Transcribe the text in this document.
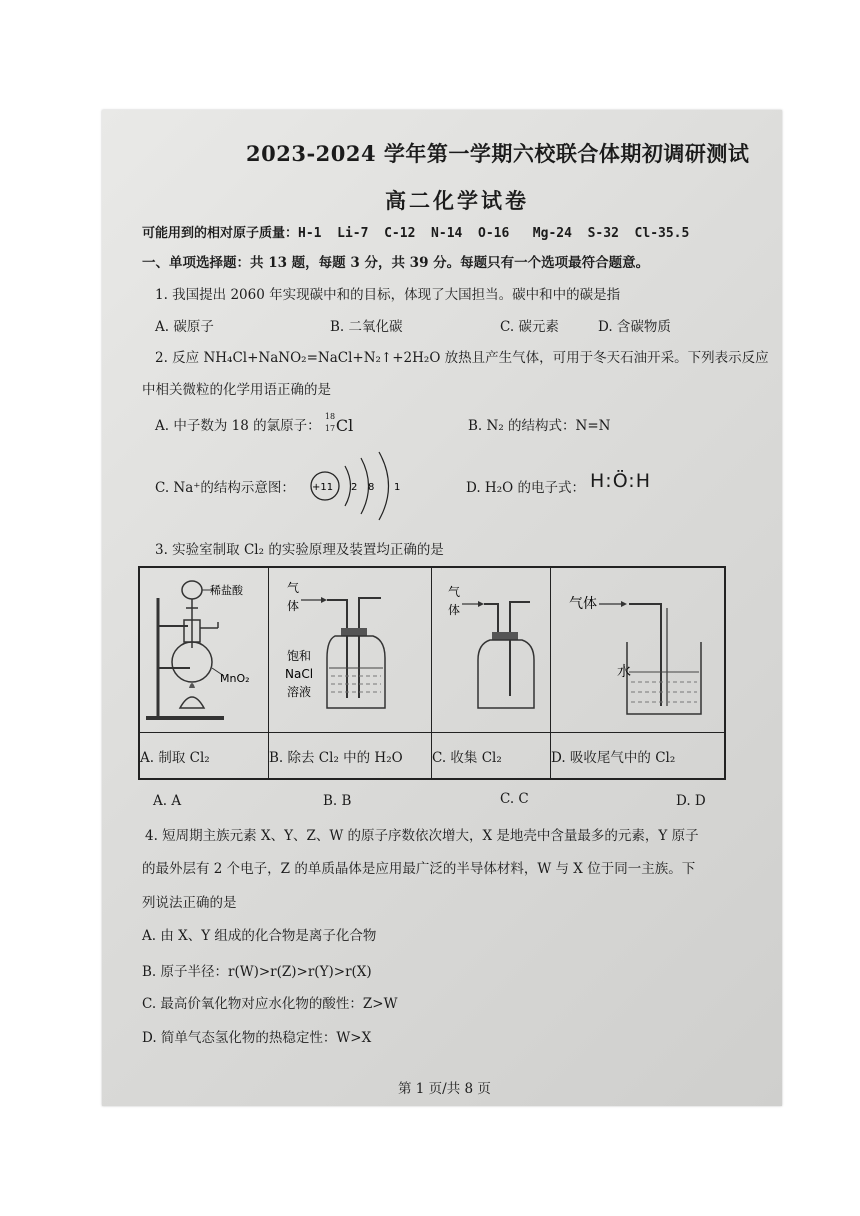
2023-2024 学年第一学期六校联合体期初调研测试
高二化学试卷
可能用到的相对原子质量：H-1  Li-7  C-12  N-14  O-16   Mg-24  S-32  Cl-35.5
一、单项选择题：共 13 题，每题 3 分，共 39 分。每题只有一个选项最符合题意。
1. 我国提出 2060 年实现碳中和的目标，体现了大国担当。碳中和中的碳是指
A. 碳原子	B. 二氧化碳	C. 碳元素	D. 含碳物质
2. 反应 NH₄Cl+NaNO₂=NaCl+N₂↑+2H₂O 放热且产生气体，可用于冬天石油开采。下列表示反应
中相关微粒的化学用语正确的是
A. 中子数为 18 的氯原子：
18
17 Cl	B. N₂ 的结构式：N=N
C. Na⁺的结构示意图： +11 2 8 1	D. H₂O 的电子式： H:Ö:H
3. 实验室制取 Cl₂ 的实验原理及装置均正确的是
稀盐酸
MnO₂	气
体
饱和
NaCl
溶液	气
体	气体
水

A. 制取 Cl₂	B. 除去 Cl₂ 中的 H₂O	C. 收集 Cl₂	D. 吸收尾气中的 Cl₂
A. A	B. B	C. C	D. D
4. 短周期主族元素 X、Y、Z、W 的原子序数依次增大，X 是地壳中含量最多的元素，Y 原子
的最外层有 2 个电子，Z 的单质晶体是应用最广泛的半导体材料，W 与 X 位于同一主族。下
列说法正确的是
A. 由 X、Y 组成的化合物是离子化合物
B. 原子半径：r(W)>r(Z)>r(Y)>r(X)
C. 最高价氧化物对应水化物的酸性：Z>W
D. 简单气态氢化物的热稳定性：W>X
第 1 页/共 8 页
